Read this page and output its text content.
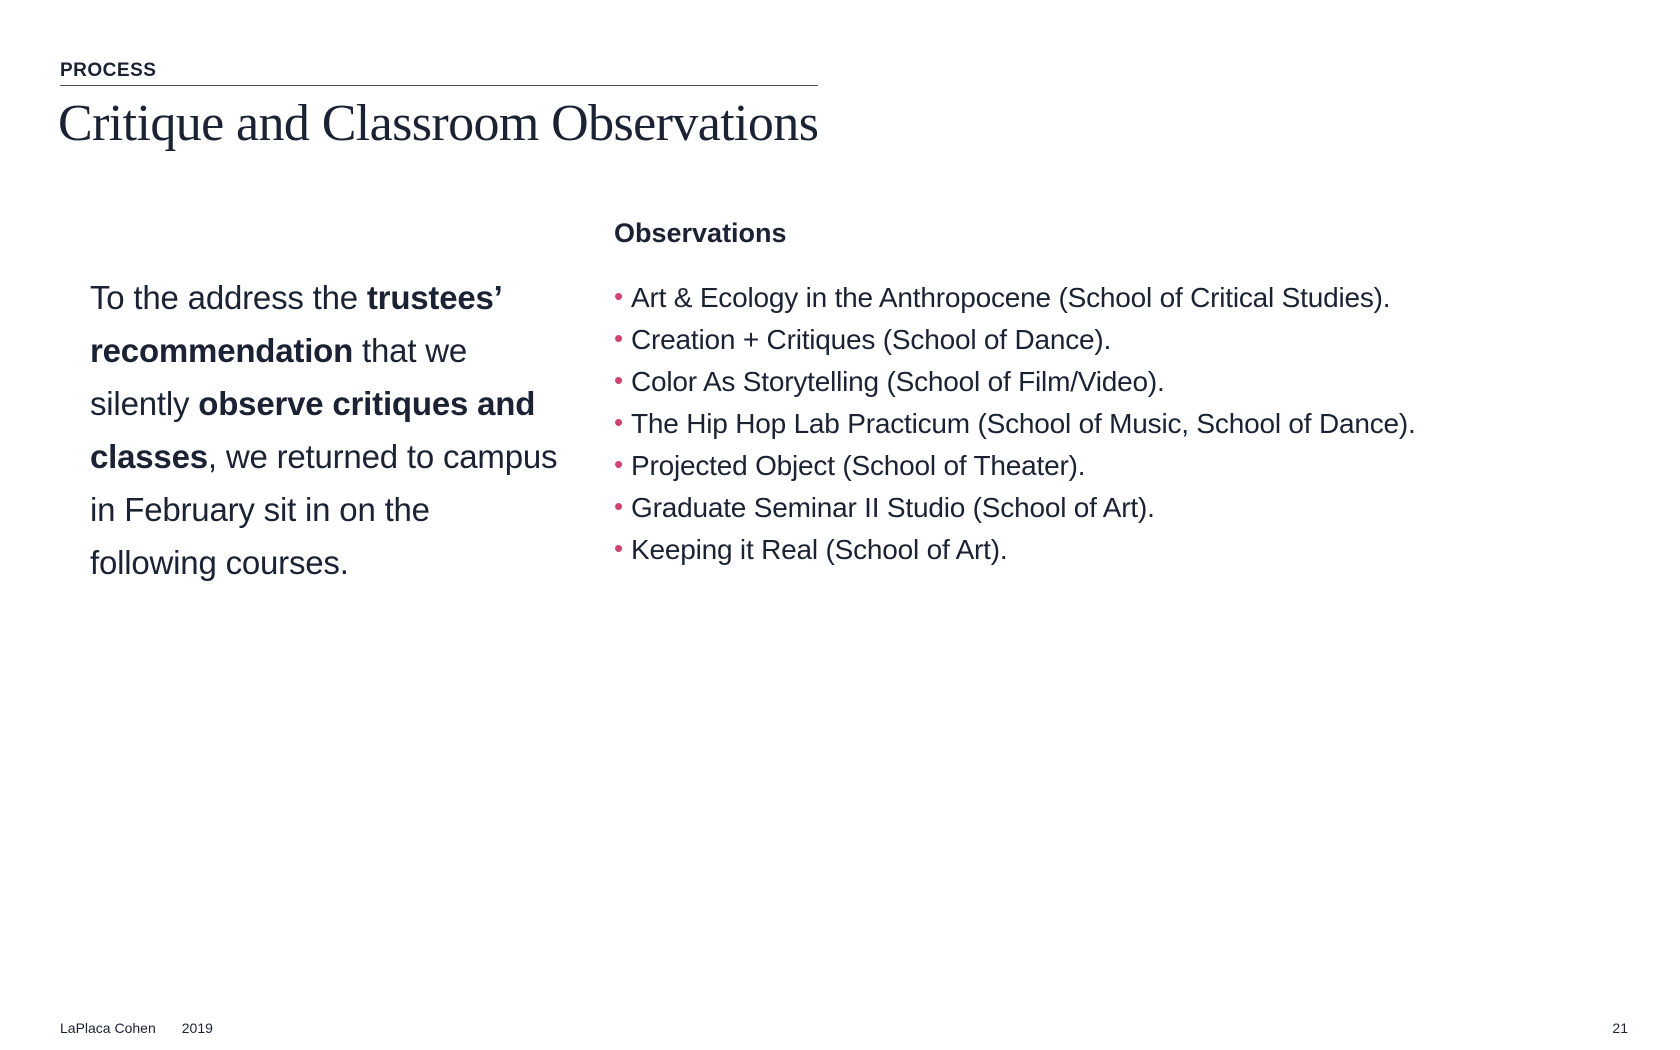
PROCESS
Critique and Classroom Observations

To the address the trustees’ recommendation that we silently observe critiques and classes, we returned to campus in February sit in on the following courses.

Observations
• Art & Ecology in the Anthropocene (School of Critical Studies).
• Creation + Critiques (School of Dance).
• Color As Storytelling (School of Film/Video).
• The Hip Hop Lab Practicum (School of Music, School of Dance).
• Projected Object (School of Theater).
• Graduate Seminar II Studio (School of Art).
• Keeping it Real (School of Art).
LaPlaca Cohen 2019	21
